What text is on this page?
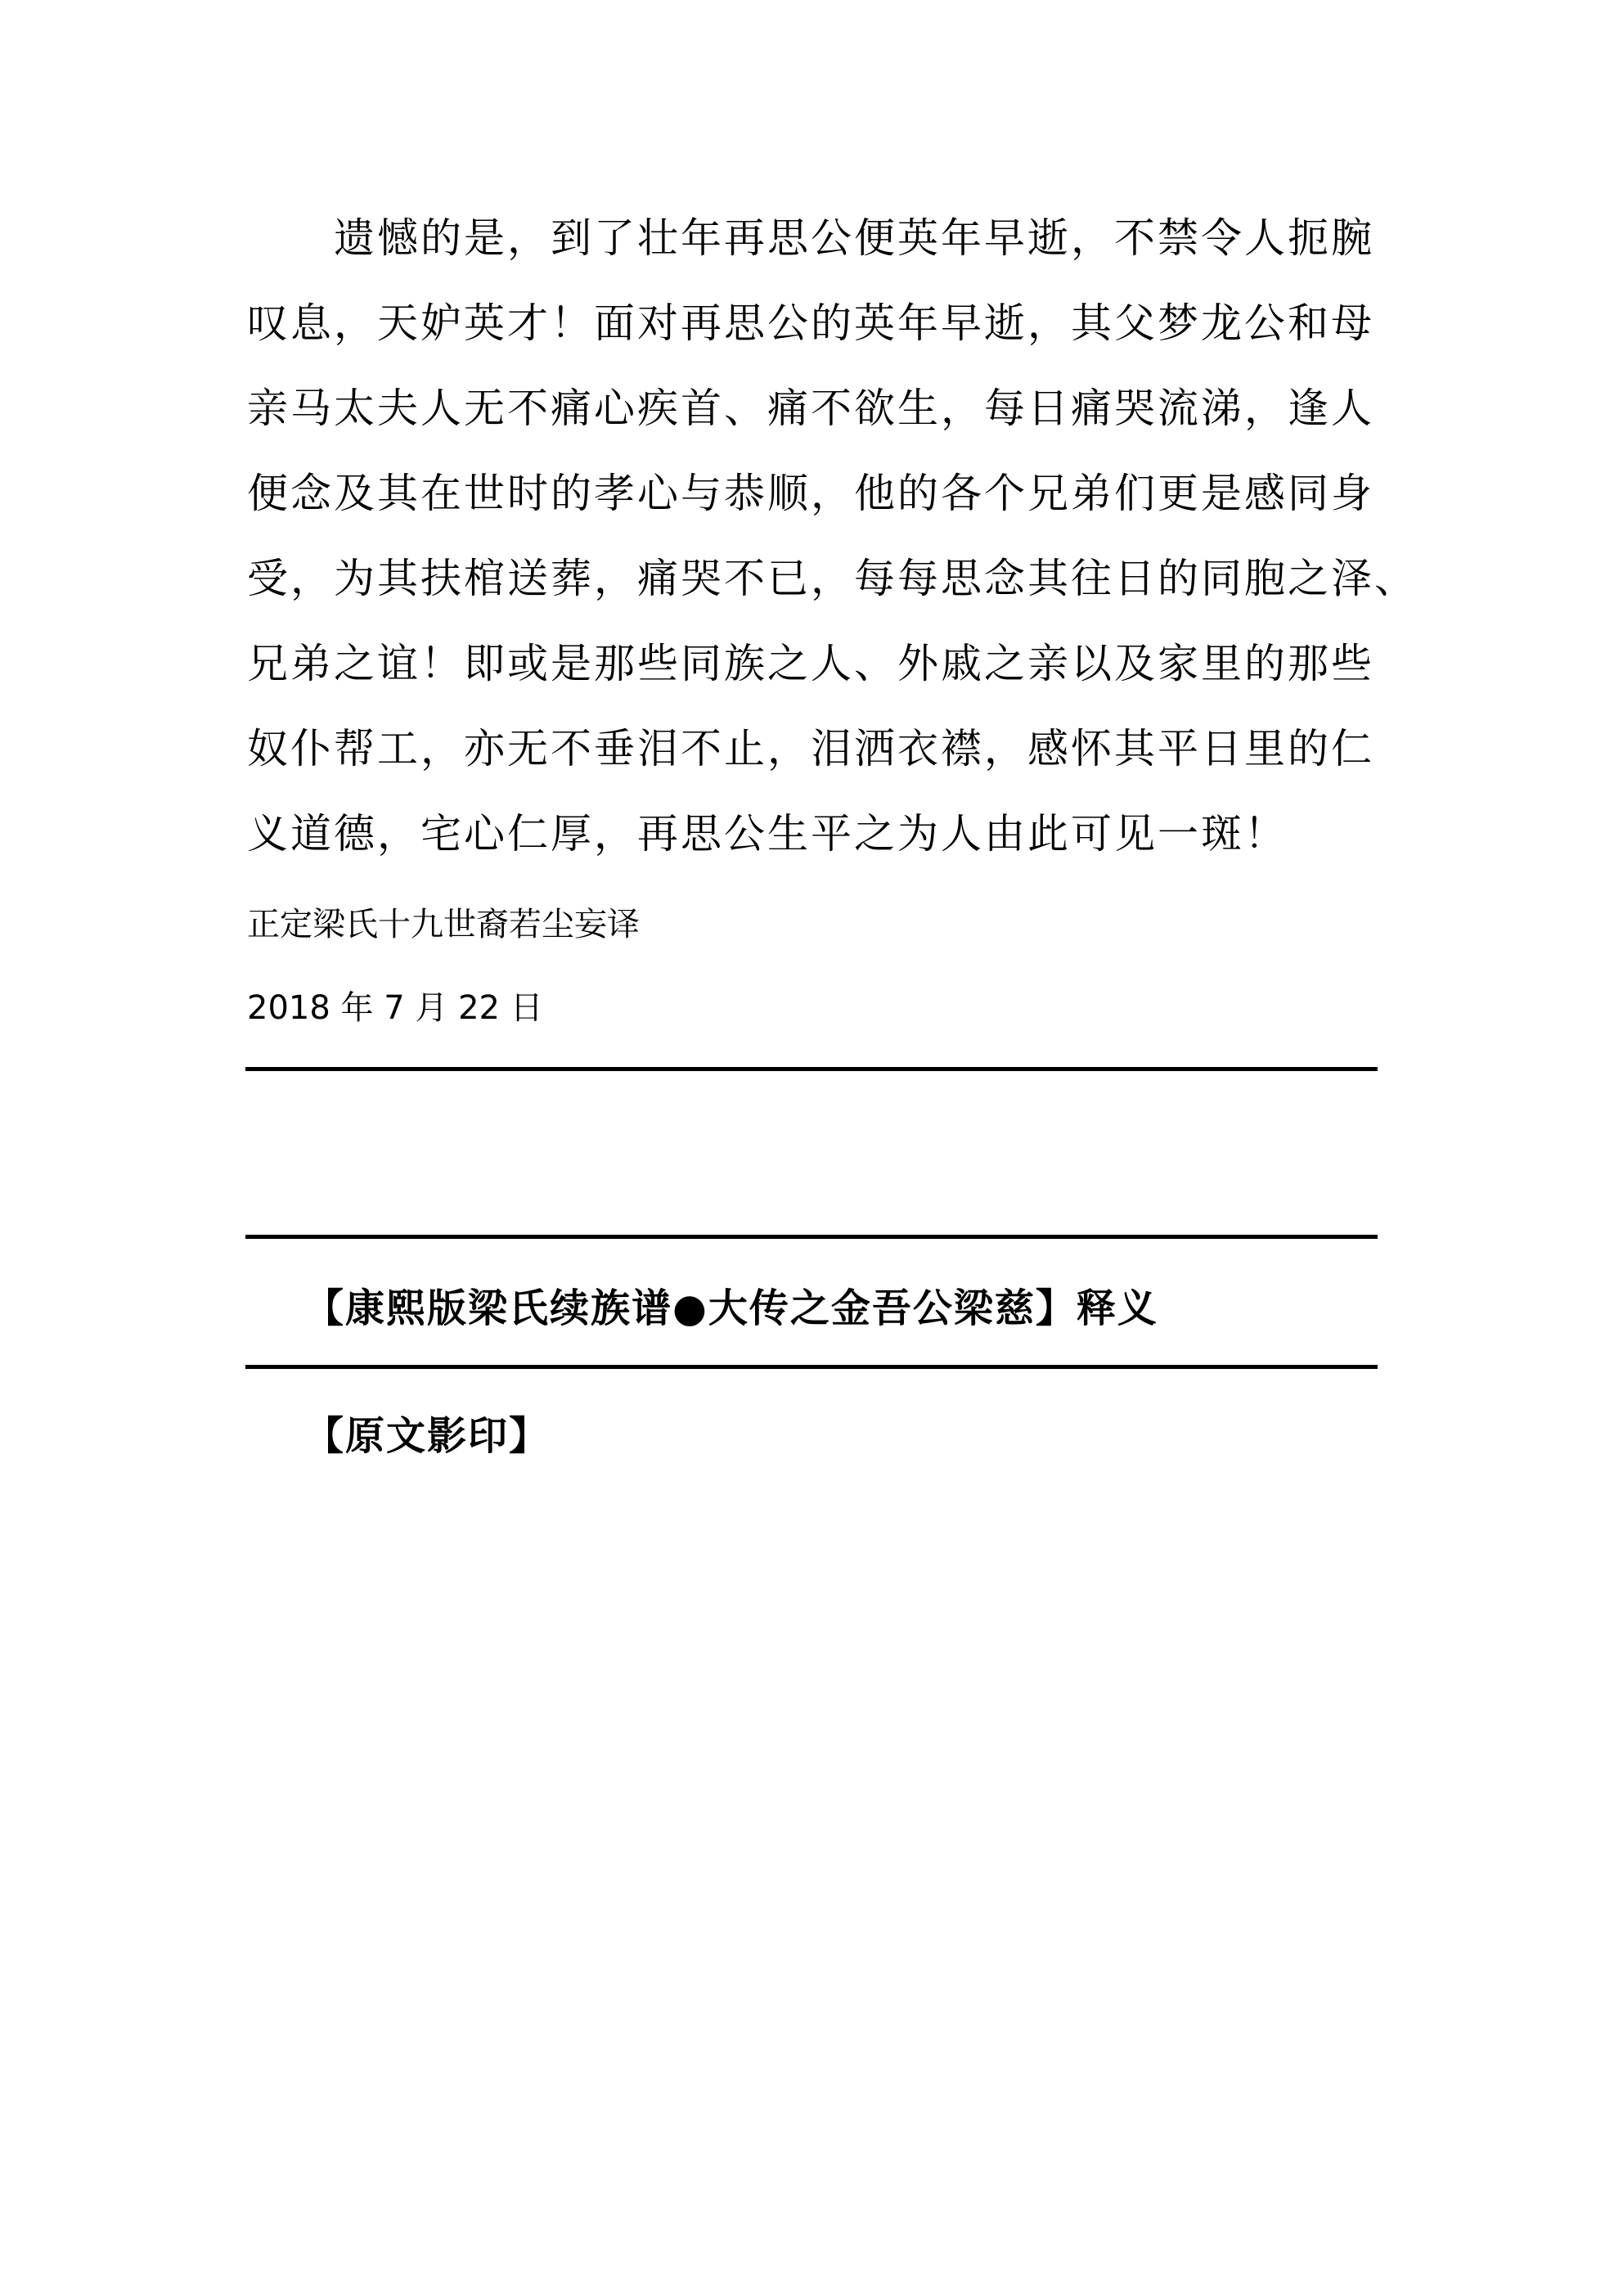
遗憾的是，到了壮年再思公便英年早逝，不禁令人扼腕
叹息，天妒英才！面对再思公的英年早逝，其父梦龙公和母
亲马太夫人无不痛心疾首、痛不欲生，每日痛哭流涕，逢人
便念及其在世时的孝心与恭顺，他的各个兄弟们更是感同身
受，为其扶棺送葬，痛哭不已，每每思念其往日的同胞之泽、
兄弟之谊！即或是那些同族之人、外戚之亲以及家里的那些
奴仆帮工，亦无不垂泪不止，泪洒衣襟，感怀其平日里的仁
义道德，宅心仁厚，再思公生平之为人由此可见一斑！
正定梁氏十九世裔若尘妄译
2018 年 7 月 22 日
【康熙版梁氏续族谱●大传之金吾公梁慈】释义
【原文影印】
